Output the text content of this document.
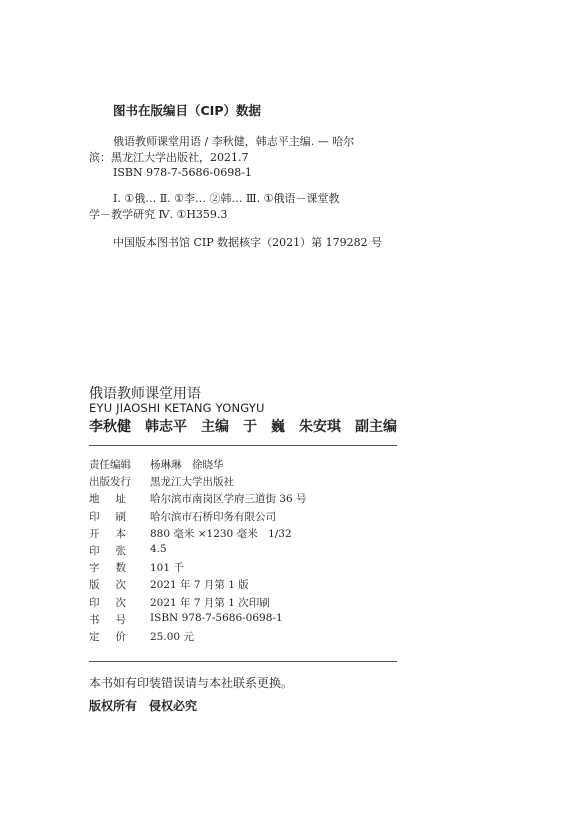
图书在版编目（CIP）数据
俄语教师课堂用语 / 李秋健，韩志平主编. — 哈尔
滨：黑龙江大学出版社，2021.7
ISBN 978-7-5686-0698-1
Ⅰ. ①俄… Ⅱ. ①李… ②韩… Ⅲ. ①俄语－课堂教
学－教学研究 Ⅳ. ①H359.3
中国版本图书馆 CIP 数据核字（2021）第 179282 号
俄语教师课堂用语
EYU JIAOSHI KETANG YONGYU
李秋健　韩志平　主编　于　巍　朱安琪　副主编
责任编辑 杨琳琳　徐晓华
出版发行 黑龙江大学出版社
地 址 哈尔滨市南岗区学府三道街 36 号
印 刷 哈尔滨市石桥印务有限公司
开 本 880 毫米 ×1230 毫米　1/32
印 张 4.5
字 数 101 千
版 次 2021 年 7 月第 1 版
印 次 2021 年 7 月第 1 次印刷
书 号 ISBN 978-7-5686-0698-1
定 价 25.00 元
本书如有印装错误请与本社联系更换。
版权所有　侵权必究
